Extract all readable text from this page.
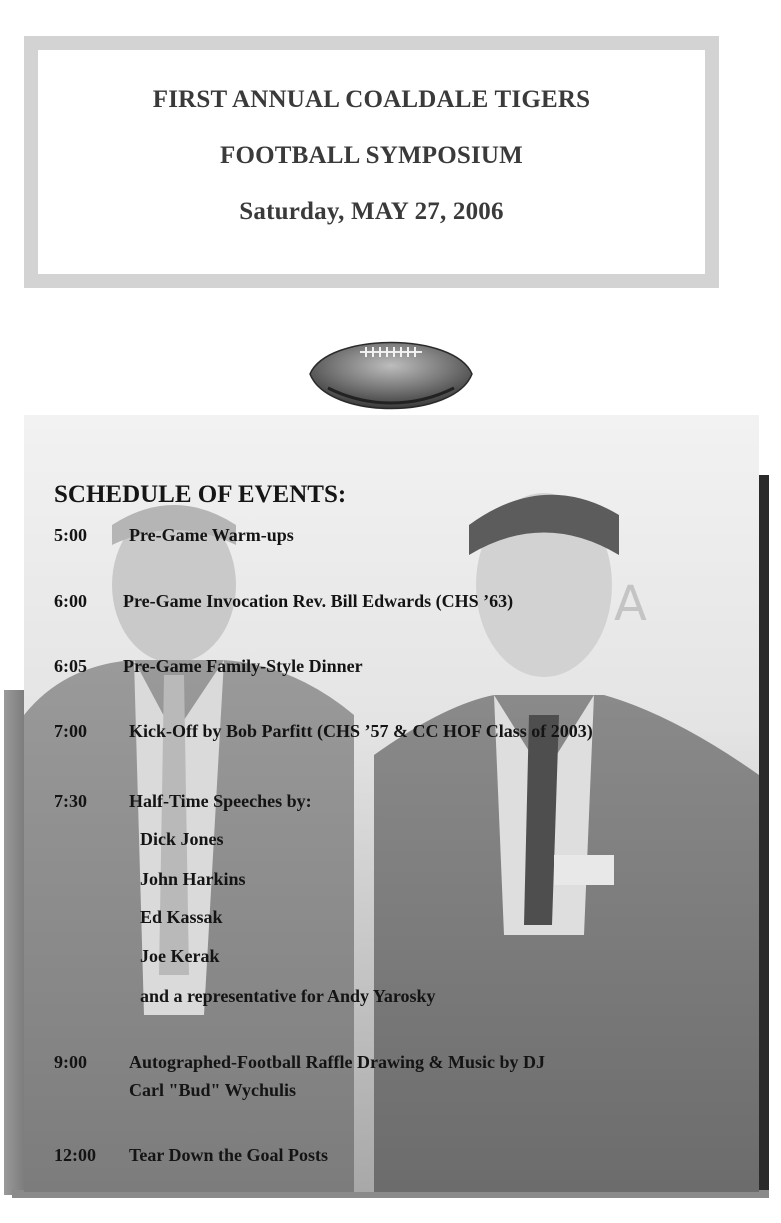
FIRST ANNUAL COALDALE TIGERS
FOOTBALL SYMPOSIUM
Saturday, MAY 27, 2006
A
SCHEDULE OF EVENTS:
5:00 Pre-Game Warm-ups
6:00 Pre-Game Invocation Rev. Bill Edwards (CHS ’63)
6:05 Pre-Game Family-Style Dinner
7:00 Kick-Off by Bob Parfitt (CHS ’57 & CC HOF Class of 2003)
7:30 Half-Time Speeches by:
Dick Jones
John Harkins
Ed Kassak
Joe Kerak
and a representative for Andy Yarosky
9:00 Autographed-Football Raffle Drawing & Music by DJ
Carl "Bud" Wychulis
12:00 Tear Down the Goal Posts
